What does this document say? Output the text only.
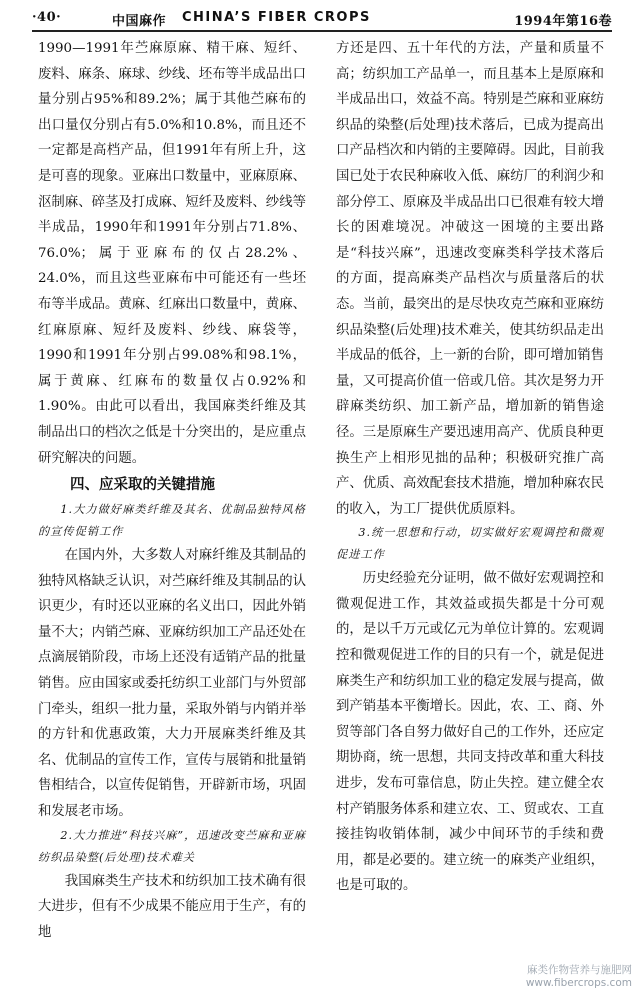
·40·	中国麻作 CHINA’S FIBER CROPS	1994年第16卷

1990—1991年苎麻原麻、精干麻、短纤、废料、麻条、麻球、纱线、坯布等半成品出口量分别占95%和89.2%；属于其他苎麻布的出口量仅分别占有5.0%和10.8%，而且还不一定都是高档产品，但1991年有所上升，这是可喜的现象。亚麻出口数量中，亚麻原麻、沤制麻、碎茎及打成麻、短纤及废料、纱线等半成品，1990年和1991年分别占71.8%、76.0%；属于亚麻布的仅占28.2%、24.0%，而且这些亚麻布中可能还有一些坯布等半成品。黄麻、红麻出口数量中，黄麻、红麻原麻、短纤及废料、纱线、麻袋等，1990和1991年分别占99.08%和98.1%，属于黄麻、红麻布的数量仅占0.92%和1.90%。由此可以看出，我国麻类纤维及其制品出口的档次之低是十分突出的，是应重点研究解决的问题。

四、应采取的关键措施

1.大力做好麻类纤维及其名、优制品独特风格的宣传促销工作

在国内外，大多数人对麻纤维及其制品的独特风格缺乏认识，对苎麻纤维及其制品的认识更少，有时还以亚麻的名义出口，因此外销量不大；内销苎麻、亚麻纺织加工产品还处在点滴展销阶段，市场上还没有适销产品的批量销售。应由国家或委托纺织工业部门与外贸部门牵头，组织一批力量，采取外销与内销并举的方针和优惠政策，大力开展麻类纤维及其名、优制品的宣传工作，宣传与展销和批量销售相结合，以宣传促销售，开辟新市场，巩固和发展老市场。

2.大力推进“科技兴麻”，迅速改变苎麻和亚麻纺织品染整(后处理)技术难关

我国麻类生产技术和纺织加工技术确有很大进步，但有不少成果不能应用于生产，有的地

方还是四、五十年代的方法，产量和质量不高；纺织加工产品单一，而且基本上是原麻和半成品出口，效益不高。特别是苎麻和亚麻纺织品的染整(后处理)技术落后，已成为提高出口产品档次和内销的主要障碍。因此，目前我国已处于农民种麻收入低、麻纺厂的利润少和部分停工、原麻及半成品出口已很难有较大增长的困难境况。冲破这一困境的主要出路是“科技兴麻”，迅速改变麻类科学技术落后的方面，提高麻类产品档次与质量落后的状态。当前，最突出的是尽快攻克苎麻和亚麻纺织品染整(后处理)技术难关，使其纺织品走出半成品的低谷，上一新的台阶，即可增加销售量，又可提高价值一倍或几倍。其次是努力开辟麻类纺织、加工新产品，增加新的销售途径。三是原麻生产要迅速用高产、优质良种更换生产上相形见拙的品种；积极研究推广高产、优质、高效配套技术措施，增加种麻农民的收入，为工厂提供优质原料。

3.统一思想和行动，切实做好宏观调控和微观促进工作

历史经验充分证明，做不做好宏观调控和微观促进工作，其效益或损失都是十分可观的，是以千万元或亿元为单位计算的。宏观调控和微观促进工作的目的只有一个，就是促进麻类生产和纺织加工业的稳定发展与提高，做到产销基本平衡增长。因此，农、工、商、外贸等部门各自努力做好自己的工作外，还应定期协商，统一思想，共同支持改革和重大科技进步，发布可靠信息，防止失控。建立健全农村产销服务体系和建立农、工、贸或农、工直接挂钩收销体制，减少中间环节的手续和费用，都是必要的。建立统一的麻类产业组织，也是可取的。

麻类作物营养与施肥网
www.fibercrops.com
